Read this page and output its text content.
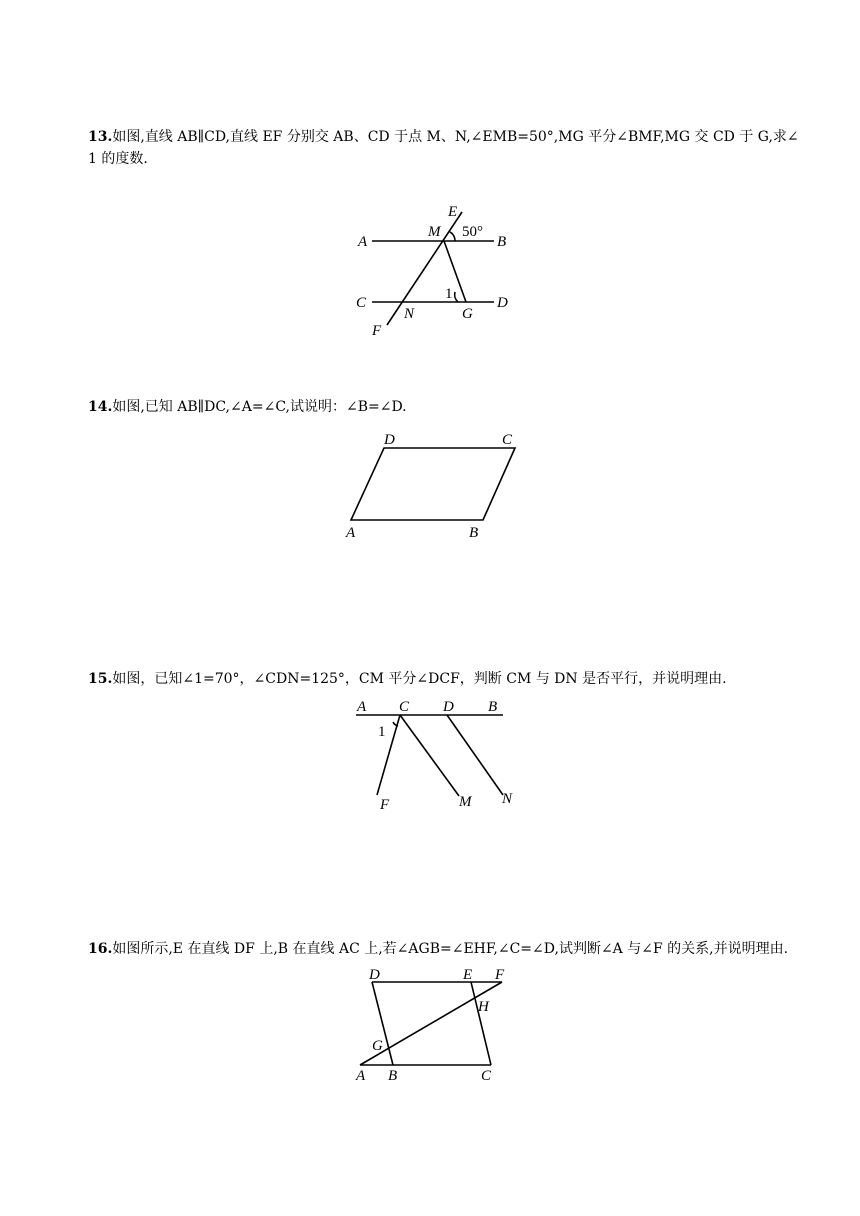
13.如图,直线 AB∥CD,直线 EF 分别交 AB、CD 于点 M、N,∠EMB=50°,MG 平分∠BMF,MG 交 CD 于 G,求∠
1 的度数.
E
M 50°
A	B
C	D
1
N	G
F
14.如图,已知 AB∥DC,∠A=∠C,试说明：∠B=∠D.
D	C
A	B
15.如图，已知∠1=70°，∠CDN=125°，CM 平分∠DCF，判断 CM 与 DN 是否平行，并说明理由.
A C D B
1
F	M N
16.如图所示,E 在直线 DF 上,B 在直线 AC 上,若∠AGB=∠EHF,∠C=∠D,试判断∠A 与∠F 的关系,并说明理由.
D	E F
H
G
A B	C
